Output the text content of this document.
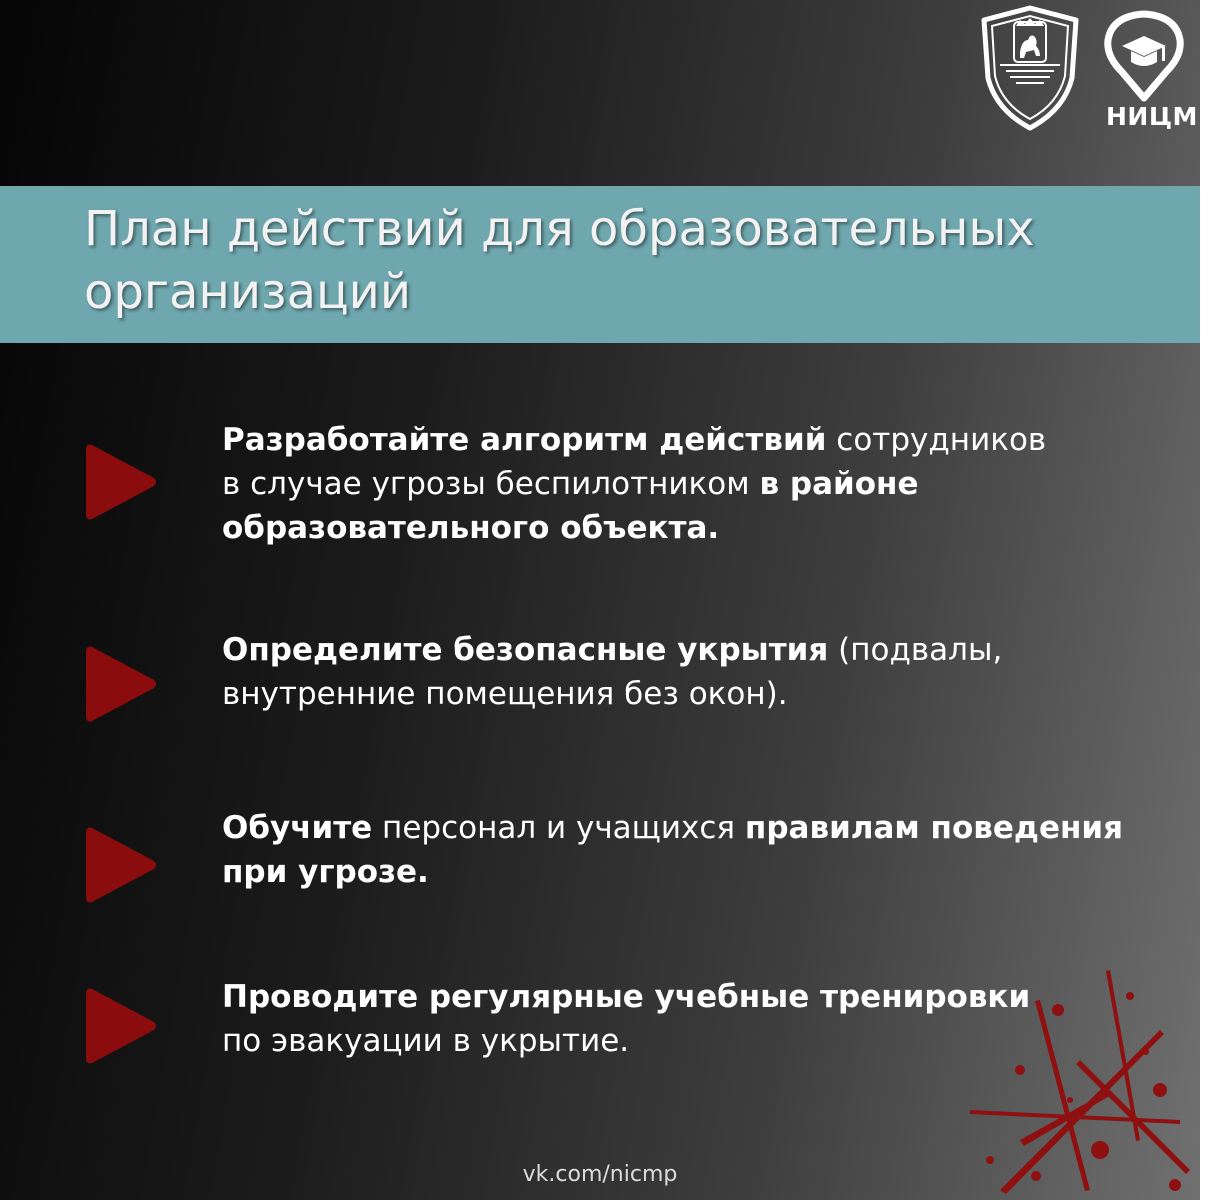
НИЦМП
План действий для образовательных
организаций

Разработайте алгоритм действий сотрудников
в случае угрозы беспилотником в районе
образовательного объекта.

Определите безопасные укрытия (подвалы,
внутренние помещения без окон).

Обучите персонал и учащихся правилам поведения
при угрозе.

Проводите регулярные учебные тренировки
по эвакуации в укрытие.

vk.com/nicmp
